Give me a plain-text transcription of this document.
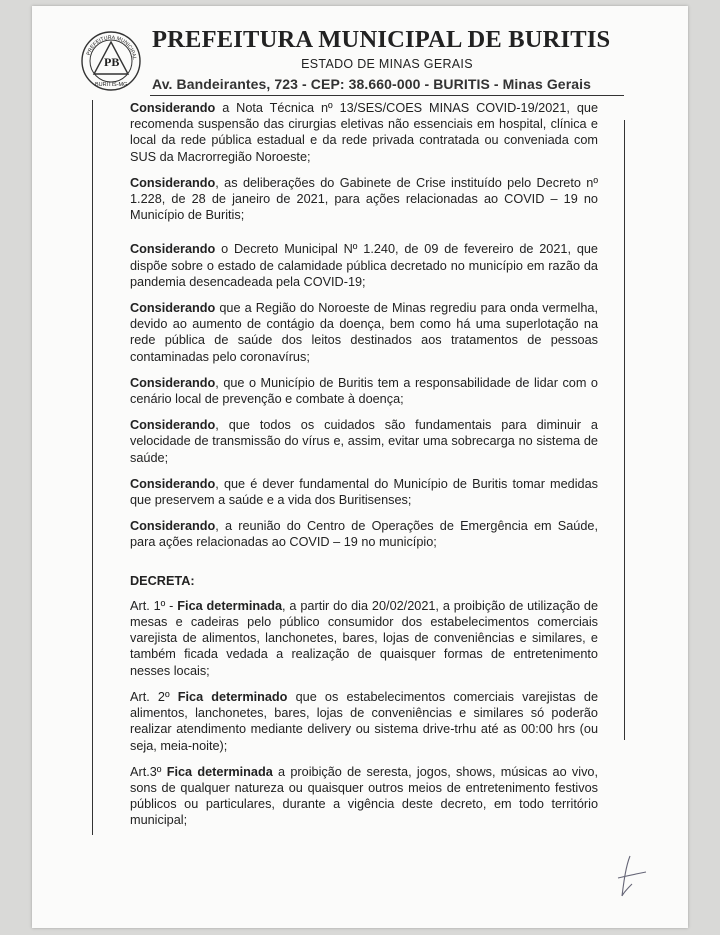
PB
BURITIS-MG
PREFEITURA MUNICIPAL
PREFEITURA MUNICIPAL DE BURITIS
ESTADO DE MINAS GERAIS
Av. Bandeirantes, 723 - CEP: 38.660-000 - BURITIS - Minas Gerais

Considerando a Nota Técnica nº 13/SES/COES MINAS COVID-19/2021, que recomenda suspensão das cirurgias eletivas não essenciais em hospital, clínica e local da rede pública estadual e da rede privada contratada ou conveniada com SUS da Macrorregião Noroeste;

Considerando, as deliberações do Gabinete de Crise instituído pelo Decreto nº 1.228, de 28 de janeiro de 2021, para ações relacionadas ao COVID – 19 no Município de Buritis;

Considerando o Decreto Municipal Nº 1.240, de 09 de fevereiro de 2021, que dispõe sobre o estado de calamidade pública decretado no município em razão da pandemia desencadeada pela COVID-19;

Considerando que a Região do Noroeste de Minas regrediu para onda vermelha, devido ao aumento de contágio da doença, bem como há uma superlotação na rede pública de saúde dos leitos destinados aos tratamentos de pessoas contaminadas pelo coronavírus;

Considerando, que o Município de Buritis tem a responsabilidade de lidar com o cenário local de prevenção e combate à doença;

Considerando, que todos os cuidados são fundamentais para diminuir a velocidade de transmissão do vírus e, assim, evitar uma sobrecarga no sistema de saúde;

Considerando, que é dever fundamental do Município de Buritis tomar medidas que preservem a saúde e a vida dos Buritisenses;

Considerando, a reunião do Centro de Operações de Emergência em Saúde, para ações relacionadas ao COVID – 19 no município;

DECRETA:

Art. 1º - Fica determinada, a partir do dia 20/02/2021, a proibição de utilização de mesas e cadeiras pelo público consumidor dos estabelecimentos comerciais varejista de alimentos, lanchonetes, bares, lojas de conveniências e similares, e também ficada vedada a realização de quaisquer formas de entretenimento nesses locais;

Art. 2º Fica determinado que os estabelecimentos comerciais varejistas de alimentos, lanchonetes, bares, lojas de conveniências e similares só poderão realizar atendimento mediante delivery ou sistema drive-trhu até as 00:00 hrs (ou seja, meia-noite);

Art.3º Fica determinada a proibição de seresta, jogos, shows, músicas ao vivo, sons de qualquer natureza ou quaisquer outros meios de entretenimento festivos públicos ou particulares, durante a vigência deste decreto, em todo território municipal;
